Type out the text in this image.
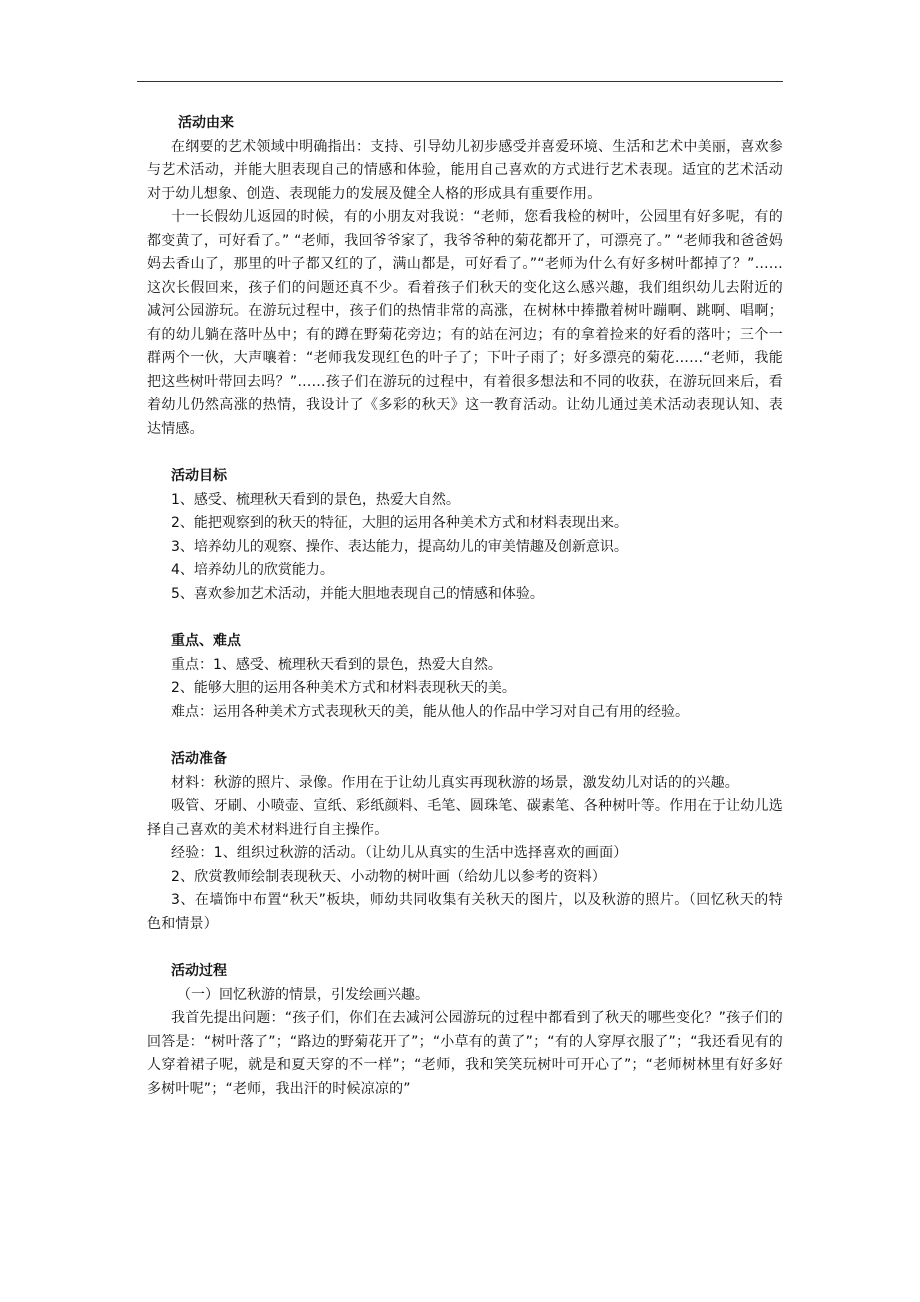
活动由来

在纲要的艺术领域中明确指出：支持、引导幼儿初步感受并喜爱环境、生活和艺术中美丽，喜欢参与艺术活动，并能大胆表现自己的情感和体验，能用自己喜欢的方式进行艺术表现。适宜的艺术活动对于幼儿想象、创造、表现能力的发展及健全人格的形成具有重要作用。

十一长假幼儿返园的时候，有的小朋友对我说：“老师，您看我检的树叶，公园里有好多呢，有的都变黄了，可好看了。” “老师，我回爷爷家了，我爷爷种的菊花都开了，可漂亮了。” “老师我和爸爸妈妈去香山了，那里的叶子都又红的了，满山都是，可好看了。”“老师为什么有好多树叶都掉了？”……这次长假回来，孩子们的问题还真不少。看着孩子们秋天的变化这么感兴趣，我们组织幼儿去附近的减河公园游玩。在游玩过程中，孩子们的热情非常的高涨，在树林中捧撒着树叶蹦啊、跳啊、唱啊；有的幼儿躺在落叶丛中；有的蹲在野菊花旁边；有的站在河边；有的拿着捡来的好看的落叶；三个一群两个一伙，大声嚷着：“老师我发现红色的叶子了；下叶子雨了；好多漂亮的菊花……“老师，我能把这些树叶带回去吗？”……孩子们在游玩的过程中，有着很多想法和不同的收获，在游玩回来后，看着幼儿仍然高涨的热情，我设计了《多彩的秋天》这一教育活动。让幼儿通过美术活动表现认知、表达情感。

活动目标

1、感受、梳理秋天看到的景色，热爱大自然。

2、能把观察到的秋天的特征，大胆的运用各种美术方式和材料表现出来。

3、培养幼儿的观察、操作、表达能力，提高幼儿的审美情趣及创新意识。

4、培养幼儿的欣赏能力。

5、喜欢参加艺术活动，并能大胆地表现自己的情感和体验。

重点、难点

重点：1、感受、梳理秋天看到的景色，热爱大自然。

2、能够大胆的运用各种美术方式和材料表现秋天的美。

难点：运用各种美术方式表现秋天的美，能从他人的作品中学习对自己有用的经验。

活动准备

材料：秋游的照片、录像。作用在于让幼儿真实再现秋游的场景，激发幼儿对话的的兴趣。

吸管、牙刷、小喷壶、宣纸、彩纸颜料、毛笔、圆珠笔、碳素笔、各种树叶等。作用在于让幼儿选择自己喜欢的美术材料进行自主操作。

经验：1、组织过秋游的活动。（让幼儿从真实的生活中选择喜欢的画面）

2、欣赏教师绘制表现秋天、小动物的树叶画（给幼儿以参考的资料）

3、在墙饰中布置“秋天”板块，师幼共同收集有关秋天的图片，以及秋游的照片。（回忆秋天的特色和情景）

活动过程

（一）回忆秋游的情景，引发绘画兴趣。

我首先提出问题：“孩子们，你们在去减河公园游玩的过程中都看到了秋天的哪些变化？”孩子们的回答是：“树叶落了”；“路边的野菊花开了”；“小草有的黄了”；“有的人穿厚衣服了”；“我还看见有的人穿着裙子呢，就是和夏天穿的不一样”；“老师，我和笑笑玩树叶可开心了”；“老师树林里有好多好多树叶呢”；“老师，我出汗的时候凉凉的”
